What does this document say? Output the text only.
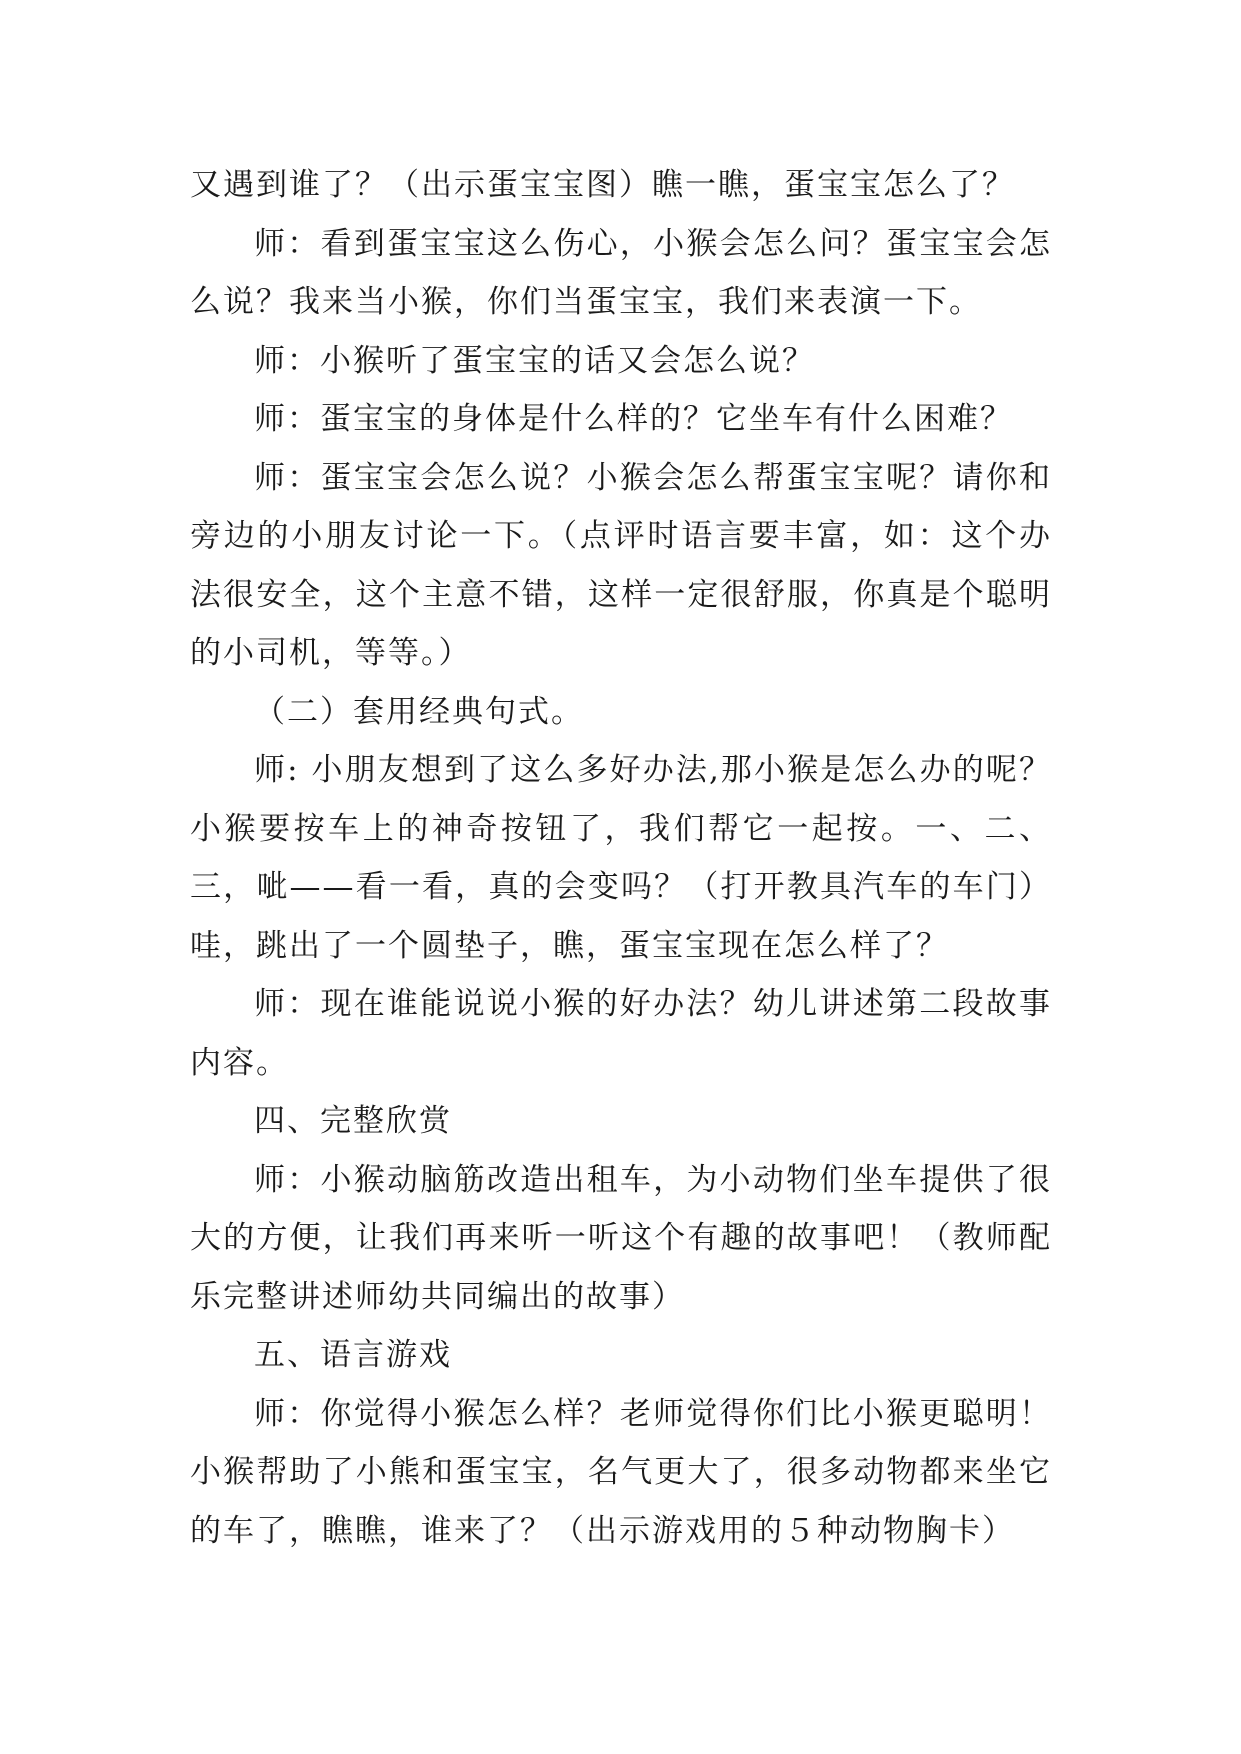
又遇到谁了？（出示蛋宝宝图）瞧一瞧，蛋宝宝怎么了？

师：看到蛋宝宝这么伤心，小猴会怎么问？蛋宝宝会怎么说？我来当小猴，你们当蛋宝宝，我们来表演一下。

师：小猴听了蛋宝宝的话又会怎么说？

师：蛋宝宝的身体是什么样的？它坐车有什么困难？

师：蛋宝宝会怎么说？小猴会怎么帮蛋宝宝呢？请你和旁边的小朋友讨论一下。（点评时语言要丰富，如：这个办法很安全，这个主意不错，这样一定很舒服，你真是个聪明的小司机，等等。）

（二）套用经典句式。

师: 小朋友想到了这么多好办法,那小猴是怎么办的呢？小猴要按车上的神奇按钮了，我们帮它一起按。一、二、三，呲——看一看，真的会变吗？（打开教具汽车的车门）哇，跳出了一个圆垫子，瞧，蛋宝宝现在怎么样了？

师：现在谁能说说小猴的好办法？幼儿讲述第二段故事内容。

四、完整欣赏

师：小猴动脑筋改造出租车，为小动物们坐车提供了很大的方便，让我们再来听一听这个有趣的故事吧！（教师配乐完整讲述师幼共同编出的故事）

五、语言游戏

师：你觉得小猴怎么样？老师觉得你们比小猴更聪明！小猴帮助了小熊和蛋宝宝，名气更大了，很多动物都来坐它的车了，瞧瞧，谁来了？（出示游戏用的５种动物胸卡）
